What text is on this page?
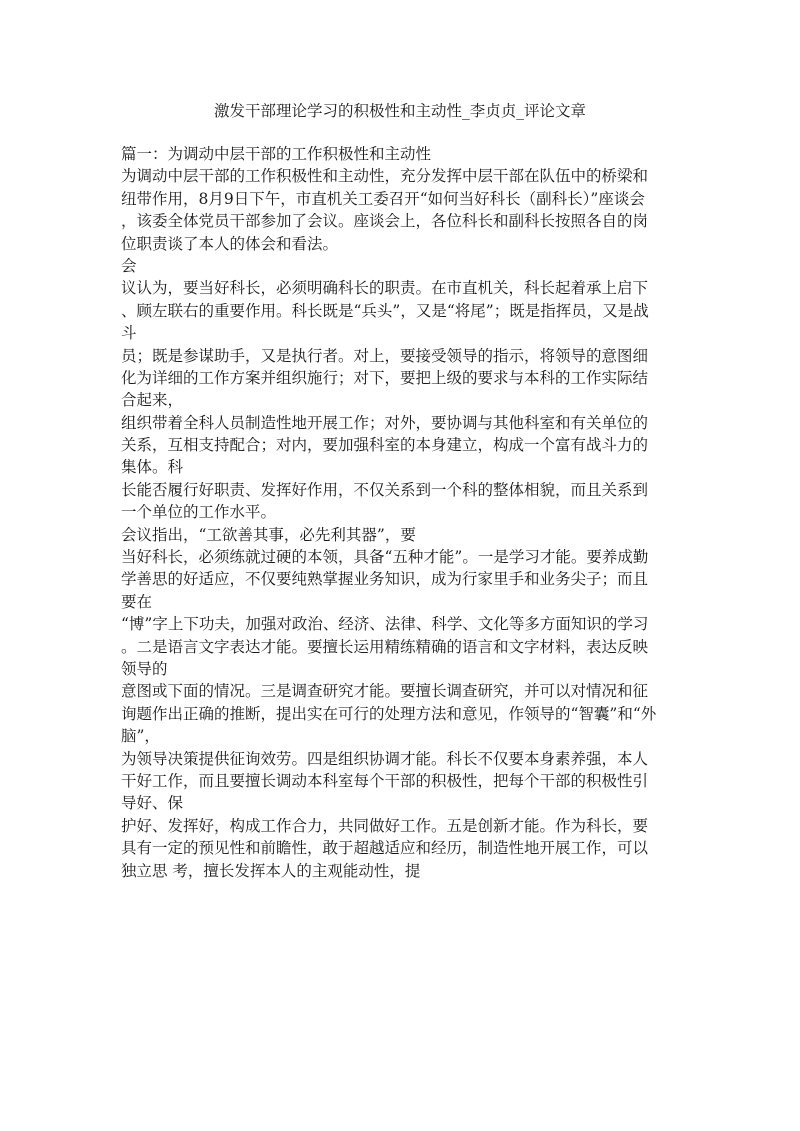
激发干部理论学习的积极性和主动性_李贞贞_评论文章
篇一：为调动中层干部的工作积极性和主动性
为调动中层干部的工作积极性和主动性，充分发挥中层干部在队伍中的桥梁和
纽带作用，8月9日下午，市直机关工委召开“如何当好科长（副科长）”座谈会
，该委全体党员干部参加了会议。座谈会上，各位科长和副科长按照各自的岗
位职责谈了本人的体会和看法。
会
议认为，要当好科长，必须明确科长的职责。在市直机关，科长起着承上启下
、顾左联右的重要作用。科长既是“兵头”，又是“将尾”；既是指挥员，又是战
斗
员；既是参谋助手，又是执行者。对上，要接受领导的指示，将领导的意图细
化为详细的工作方案并组织施行；对下，要把上级的要求与本科的工作实际结
合起来，
组织带着全科人员制造性地开展工作；对外，要协调与其他科室和有关单位的
关系，互相支持配合；对内，要加强科室的本身建立，构成一个富有战斗力的
集体。科
长能否履行好职责、发挥好作用，不仅关系到一个科的整体相貌，而且关系到
一个单位的工作水平。
会议指出，“工欲善其事，必先利其器”，要
当好科长，必须练就过硬的本领，具备“五种才能”。一是学习才能。要养成勤
学善思的好适应，不仅要纯熟掌握业务知识，成为行家里手和业务尖子；而且
要在
“博”字上下功夫，加强对政治、经济、法律、科学、文化等多方面知识的学习
。二是语言文字表达才能。要擅长运用精练精确的语言和文字材料，表达反映
领导的
意图或下面的情况。三是调查研究才能。要擅长调查研究，并可以对情况和征
询题作出正确的推断，提出实在可行的处理方法和意见，作领导的“智囊”和“外
脑”，
为领导决策提供征询效劳。四是组织协调才能。科长不仅要本身素养强，本人
干好工作，而且要擅长调动本科室每个干部的积极性，把每个干部的积极性引
导好、保
护好、发挥好，构成工作合力，共同做好工作。五是创新才能。作为科长，要
具有一定的预见性和前瞻性，敢于超越适应和经历，制造性地开展工作，可以
独立思 考，擅长发挥本人的主观能动性，提
